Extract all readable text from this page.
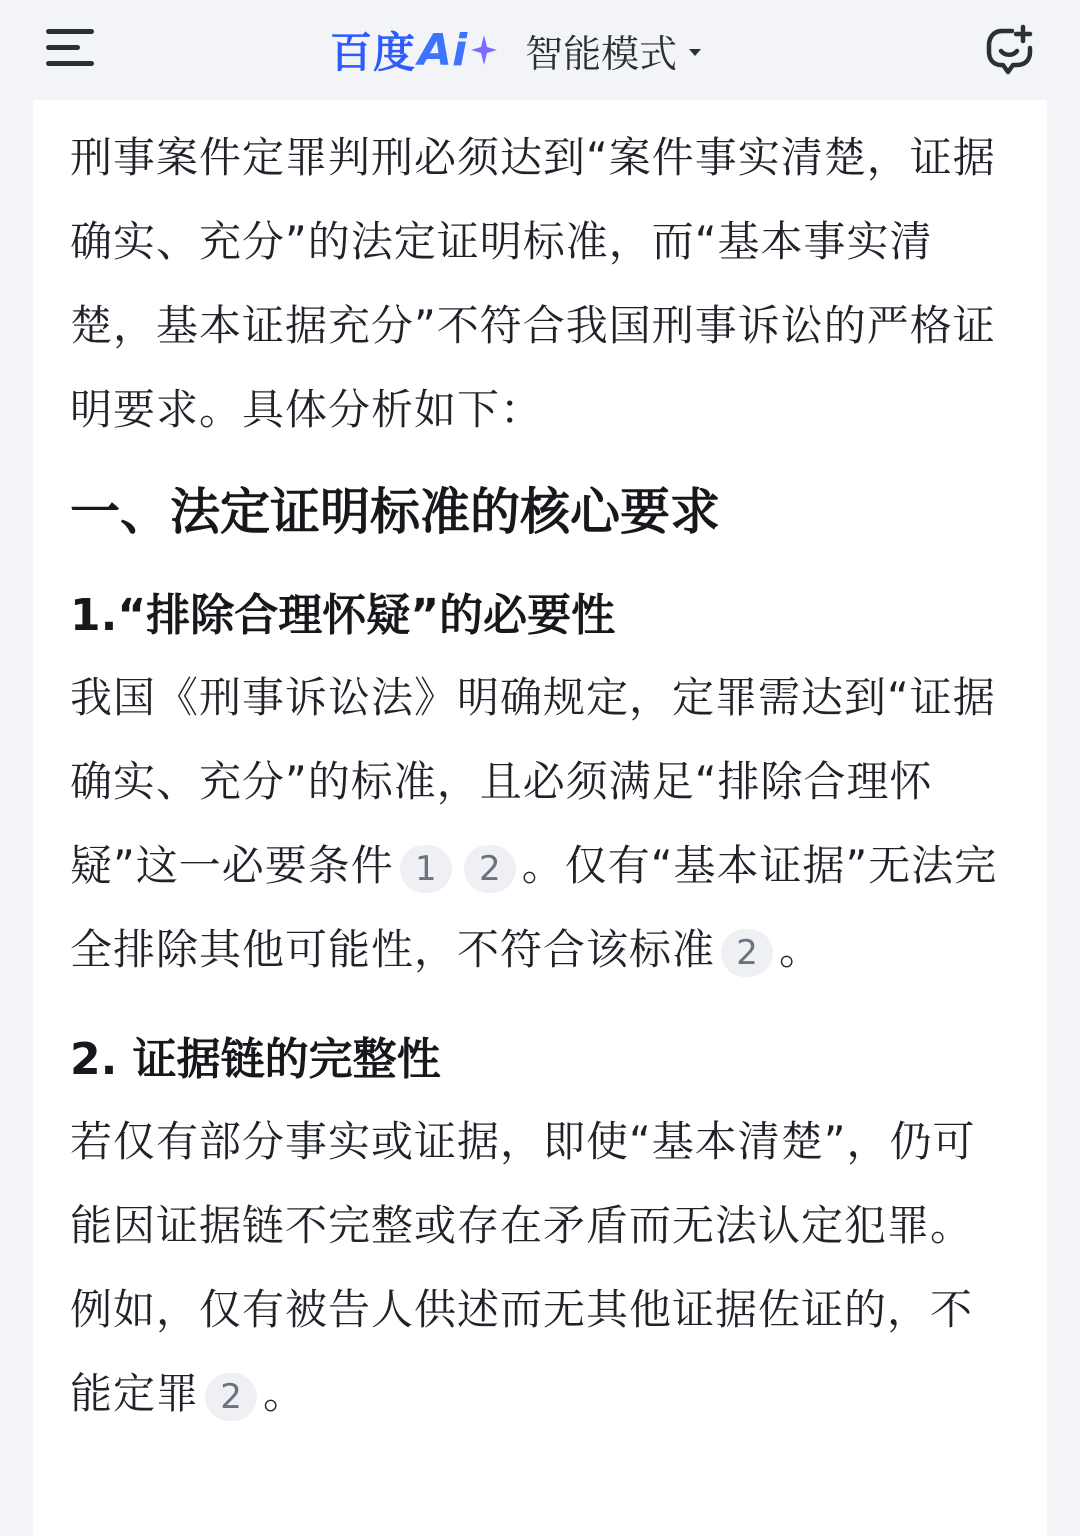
百度 Ai 智能模式

刑事案件定罪判刑必须达到“案件事实清楚，证据确实、充分”的法定证明标准，而“基本事实清楚，基本证据充分”不符合我国刑事诉讼的严格证明要求。具体分析如下：

一、法定证明标准的核心要求
1.“排除合理怀疑”的必要性

我国《刑事诉讼法》明确规定，定罪需达到“证据确实、充分”的标准，且必须满足“排除合理怀疑”这一必要条件 1 2 。仅有“基本证据”无法完全排除其他可能性，不符合该标准 2 。

2. 证据链的完整性

若仅有部分事实或证据，即使“基本清楚”，仍可能因证据链不完整或存在矛盾而无法认定犯罪。例如，仅有被告人供述而无其他证据佐证的，不能定罪 2 。
